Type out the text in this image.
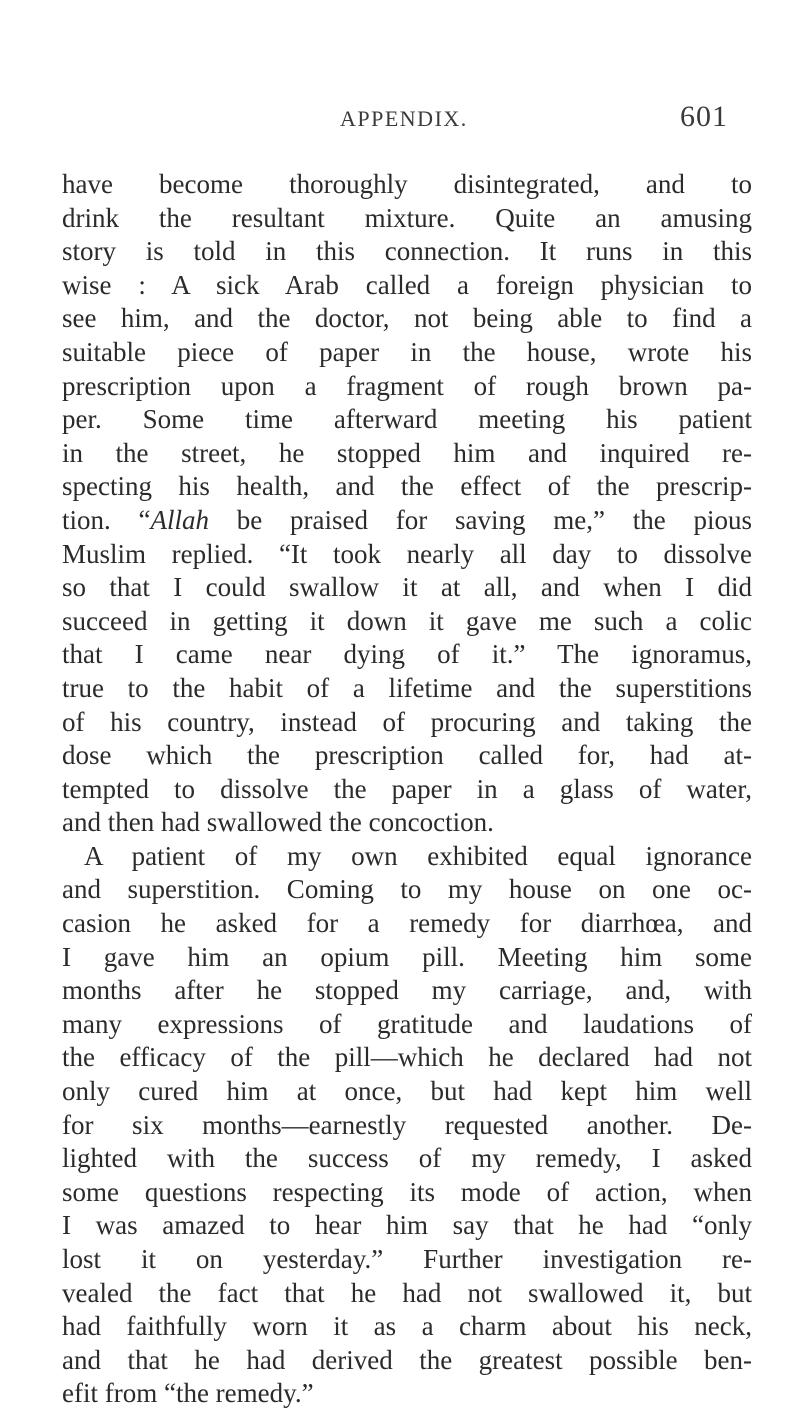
APPENDIX.	601
have become thoroughly disintegrated, and to
drink the resultant mixture. Quite an amusing
story is told in this connection. It runs in this
wise : A sick Arab called a foreign physician to
see him, and the doctor, not being able to find a
suitable piece of paper in the house, wrote his
prescription upon a fragment of rough brown pa-
per. Some time afterward meeting his patient
in the street, he stopped him and inquired re-
specting his health, and the effect of the prescrip-
tion. “Allah be praised for saving me,” the pious
Muslim replied. “It took nearly all day to dissolve
so that I could swallow it at all, and when I did
succeed in getting it down it gave me such a colic
that I came near dying of it.” The ignoramus,
true to the habit of a lifetime and the superstitions
of his country, instead of procuring and taking the
dose which the prescription called for, had at-
tempted to dissolve the paper in a glass of water,
and then had swallowed the concoction.
A patient of my own exhibited equal ignorance
and superstition. Coming to my house on one oc-
casion he asked for a remedy for diarrhœa, and
I gave him an opium pill. Meeting him some
months after he stopped my carriage, and, with
many expressions of gratitude and laudations of
the efficacy of the pill—which he declared had not
only cured him at once, but had kept him well
for six months—earnestly requested another. De-
lighted with the success of my remedy, I asked
some questions respecting its mode of action, when
I was amazed to hear him say that he had “only
lost it on yesterday.” Further investigation re-
vealed the fact that he had not swallowed it, but
had faithfully worn it as a charm about his neck,
and that he had derived the greatest possible ben-
efit from “the remedy.”
